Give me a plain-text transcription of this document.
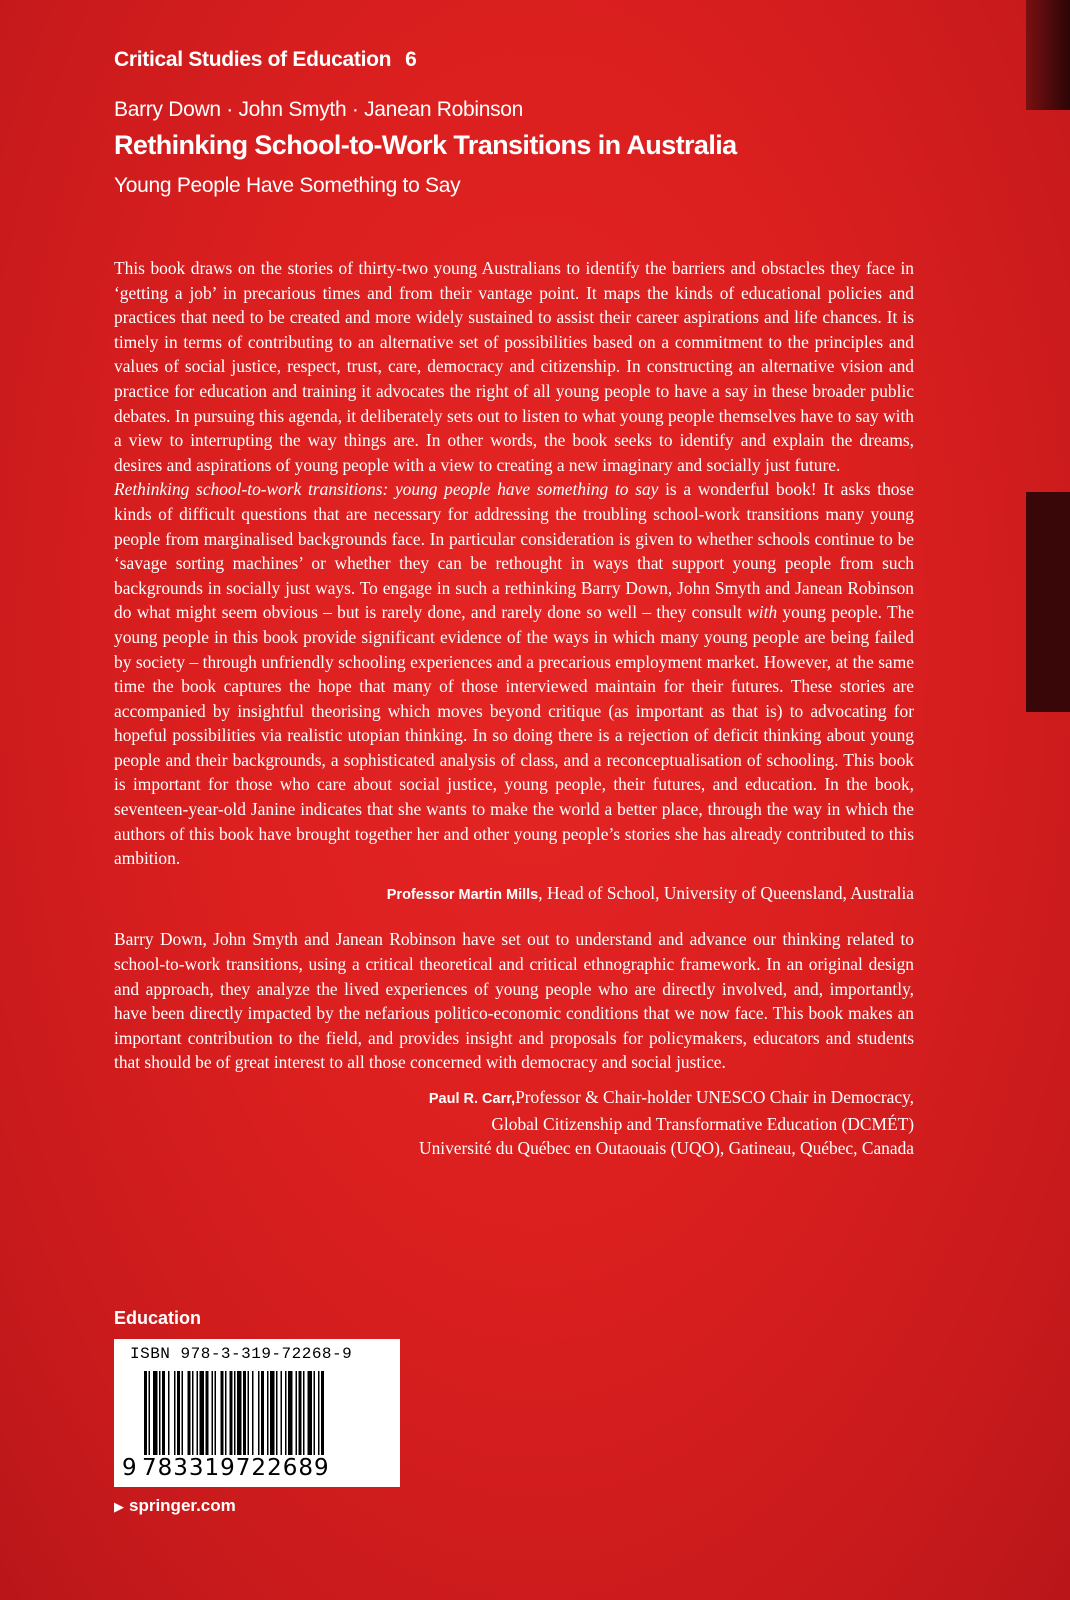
Critical Studies of Education 6
Barry Down · John Smyth · Janean Robinson
Rethinking School-to-Work Transitions in Australia
Young People Have Something to Say

This book draws on the stories of thirty-two young Australians to identify the barriers and obstacles they face in ‘getting a job’ in precarious times and from their vantage point. It maps the kinds of educational policies and practices that need to be created and more widely sustained to assist their career aspirations and life chances. It is timely in terms of contributing to an alternative set of possibilities based on a commitment to the principles and values of social justice, respect, trust, care, democracy and citizenship. In constructing an alternative vision and practice for education and training it advocates the right of all young people to have a say in these broader public debates. In pursuing this agenda, it deliberately sets out to listen to what young people themselves have to say with a view to interrupting the way things are. In other words, the book seeks to identify and explain the dreams, desires and aspirations of young people with a view to creating a new imaginary and socially just future.

Rethinking school-to-work transitions: young people have something to say is a wonderful book! It asks those kinds of difficult questions that are necessary for addressing the troubling school-work transitions many young people from marginalised backgrounds face. In particular consideration is given to whether schools continue to be ‘savage sorting machines’ or whether they can be rethought in ways that support young people from such backgrounds in socially just ways. To engage in such a rethinking Barry Down, John Smyth and Janean Robinson do what might seem obvious – but is rarely done, and rarely done so well – they consult with young people. The young people in this book provide significant evidence of the ways in which many young people are being failed by society – through unfriendly schooling experiences and a precarious employment market. However, at the same time the book captures the hope that many of those interviewed maintain for their futures. These stories are accompanied by insightful theorising which moves beyond critique (as important as that is) to advocating for hopeful possibilities via realistic utopian thinking. In so doing there is a rejection of deficit thinking about young people and their backgrounds, a sophisticated analysis of class, and a reconceptualisation of schooling. This book is important for those who care about social justice, young people, their futures, and education. In the book, seventeen-year-old Janine indicates that she wants to make the world a better place, through the way in which the authors of this book have brought together her and other young people’s stories she has already contributed to this ambition.

Professor Martin Mills, Head of School, University of Queensland, Australia

Barry Down, John Smyth and Janean Robinson have set out to understand and advance our thinking related to school-to-work transitions, using a critical theoretical and critical ethnographic framework. In an original design and approach, they analyze the lived experiences of young people who are directly involved, and, importantly, have been directly impacted by the nefarious politico-economic conditions that we now face. This book makes an important contribution to the field, and provides insight and proposals for policymakers, educators and students that should be of great interest to all those concerned with democracy and social justice.

Paul R. Carr,Professor & Chair-holder UNESCO Chair in Democracy,
Global Citizenship and Transformative Education (DCMÉT)
Université du Québec en Outaouais (UQO), Gatineau, Québec, Canada
Education
ISBN 978-3-319-72268-9
9 783319722689
▶ springer.com
